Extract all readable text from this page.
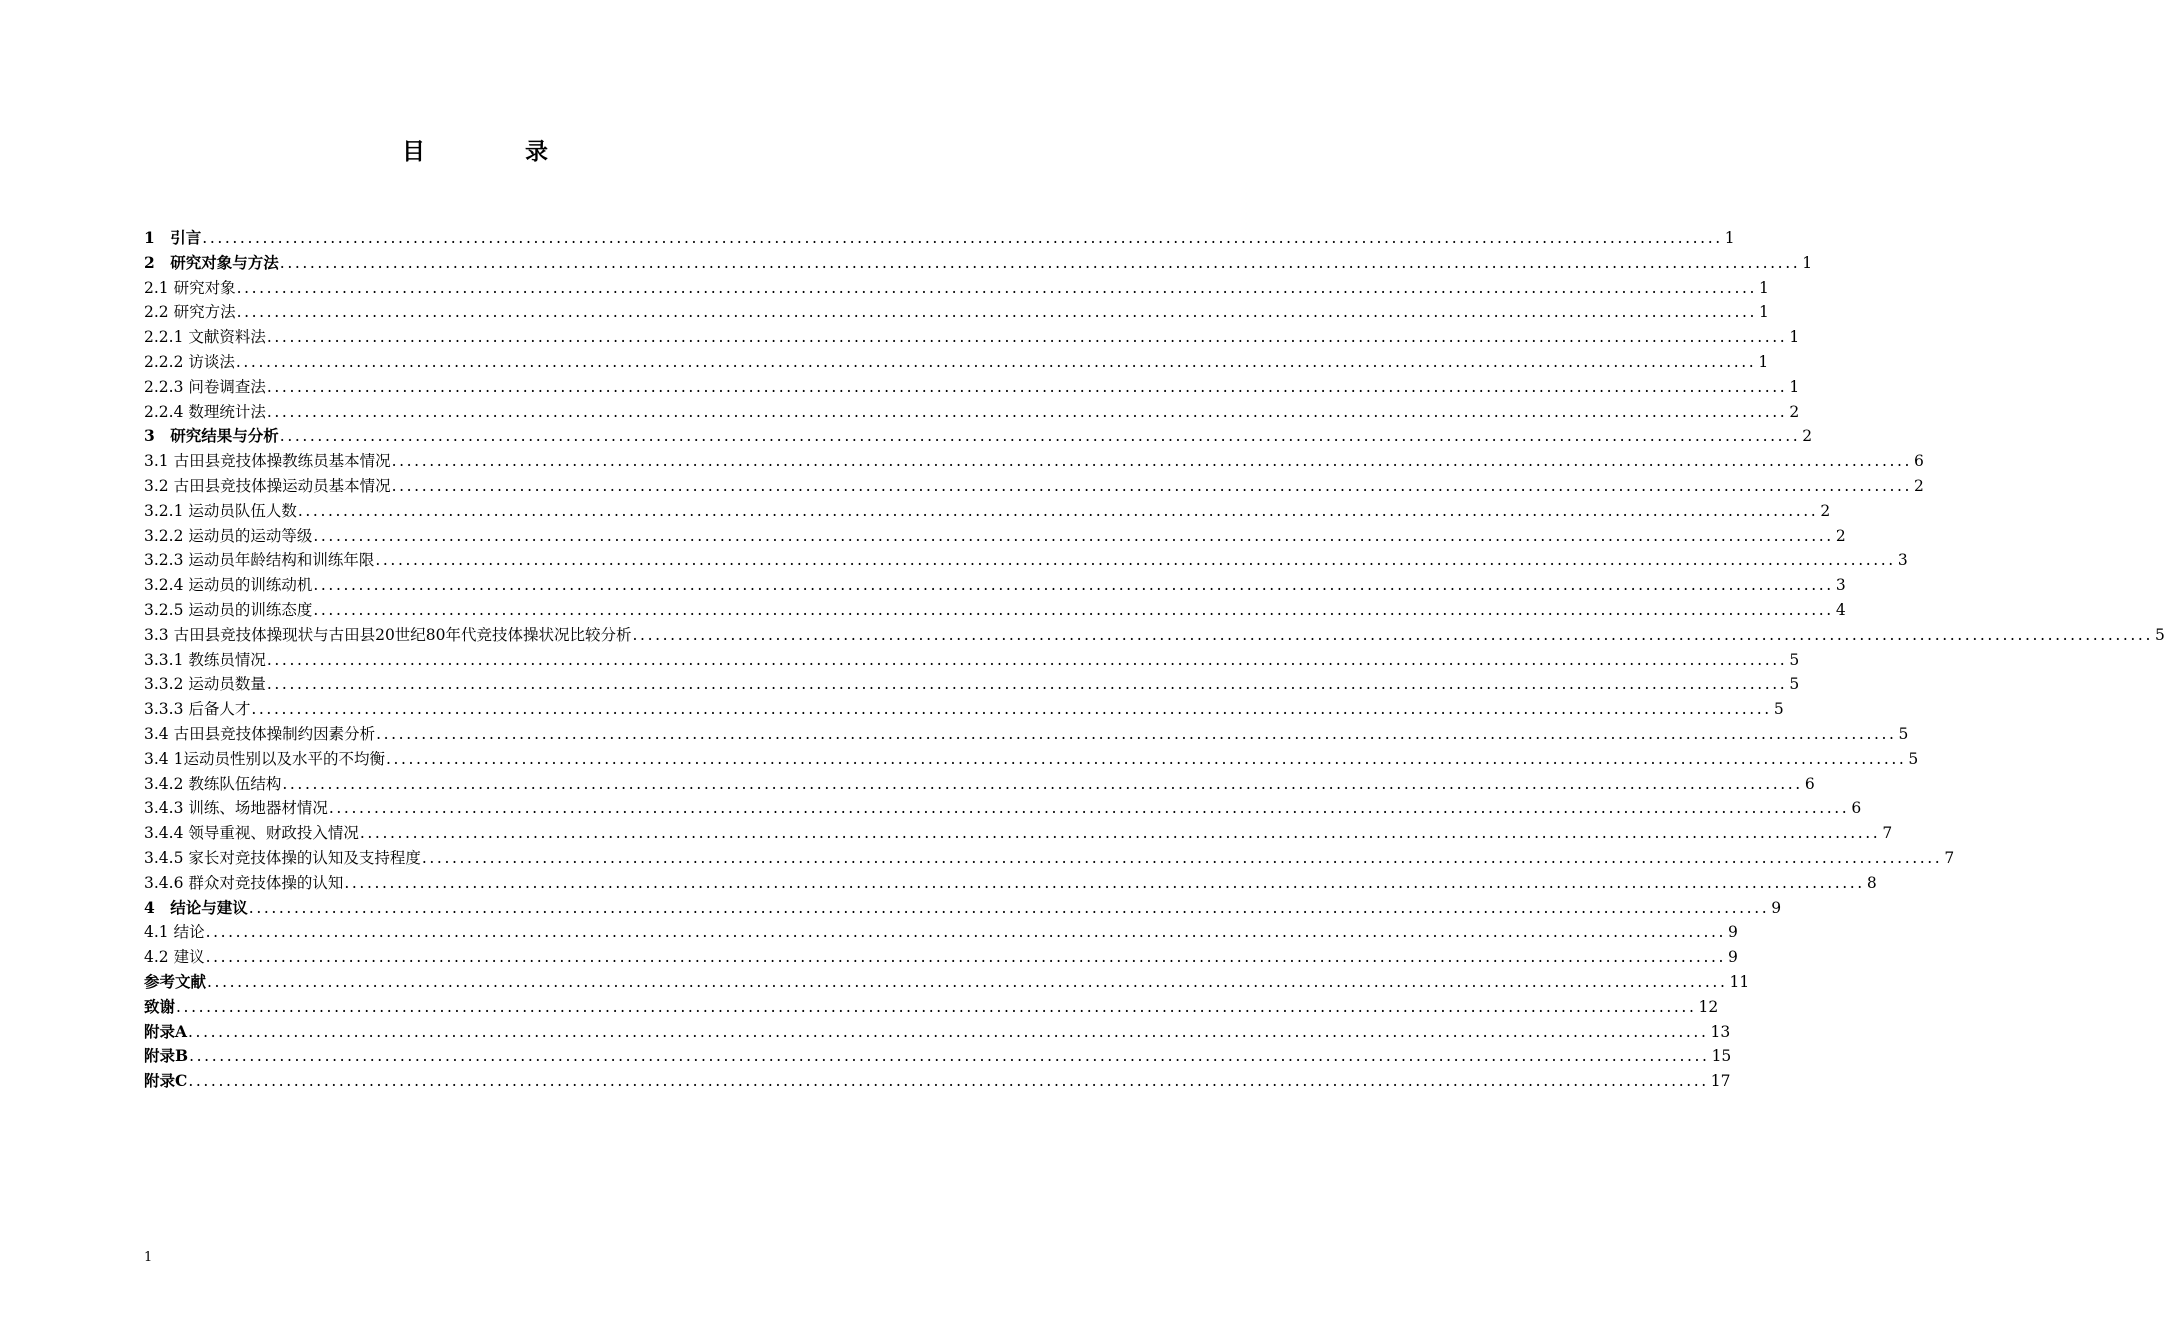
目 录
1　引言 .......................................................................................................................................................................................................... 1
2　研究对象与方法 .......................................................................................................................................................................................................... 1
2.1 研究对象 .......................................................................................................................................................................................................... 1
2.2 研究方法 .......................................................................................................................................................................................................... 1
2.2.1 文献资料法 .......................................................................................................................................................................................................... 1
2.2.2 访谈法 .......................................................................................................................................................................................................... 1
2.2.3 问卷调查法 .......................................................................................................................................................................................................... 1
2.2.4 数理统计法 .......................................................................................................................................................................................................... 2
3　研究结果与分析 .......................................................................................................................................................................................................... 2
3.1 古田县竞技体操教练员基本情况 .......................................................................................................................................................................................................... 6
3.2 古田县竞技体操运动员基本情况 .......................................................................................................................................................................................................... 2
3.2.1 运动员队伍人数 .......................................................................................................................................................................................................... 2
3.2.2 运动员的运动等级 .......................................................................................................................................................................................................... 2
3.2.3 运动员年龄结构和训练年限 .......................................................................................................................................................................................................... 3
3.2.4 运动员的训练动机 .......................................................................................................................................................................................................... 3
3.2.5 运动员的训练态度 .......................................................................................................................................................................................................... 4
3.3 古田县竞技体操现状与古田县20世纪80年代竞技体操状况比较分析 .......................................................................................................................................................................................................... 5
3.3.1 教练员情况 .......................................................................................................................................................................................................... 5
3.3.2 运动员数量 .......................................................................................................................................................................................................... 5
3.3.3 后备人才 .......................................................................................................................................................................................................... 5
3.4 古田县竞技体操制约因素分析 .......................................................................................................................................................................................................... 5
3.4 1运动员性别以及水平的不均衡 .......................................................................................................................................................................................................... 5
3.4.2 教练队伍结构 .......................................................................................................................................................................................................... 6
3.4.3 训练、场地器材情况 .......................................................................................................................................................................................................... 6
3.4.4 领导重视、财政投入情况 .......................................................................................................................................................................................................... 7
3.4.5 家长对竞技体操的认知及支持程度 .......................................................................................................................................................................................................... 7
3.4.6 群众对竞技体操的认知 .......................................................................................................................................................................................................... 8
4　结论与建议 .......................................................................................................................................................................................................... 9
4.1 结论 .......................................................................................................................................................................................................... 9
4.2 建议 .......................................................................................................................................................................................................... 9
参考文献 .......................................................................................................................................................................................................... 11
致谢 .......................................................................................................................................................................................................... 12
附录A .......................................................................................................................................................................................................... 13
附录B .......................................................................................................................................................................................................... 15
附录C .......................................................................................................................................................................................................... 17
1
